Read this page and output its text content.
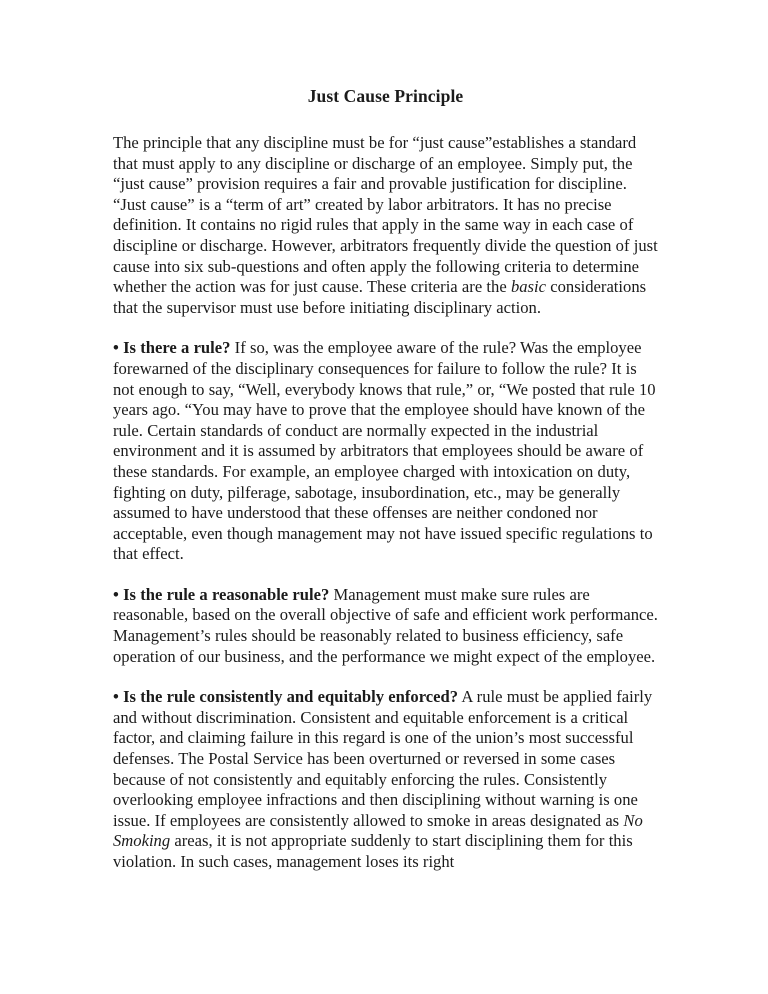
Just Cause Principle

The principle that any discipline must be for “just cause”establishes a standard that must apply to any discipline or discharge of an employee. Simply put, the “just cause” provision requires a fair and provable justification for discipline. “Just cause” is a “term of art” created by labor arbitrators. It has no precise definition. It contains no rigid rules that apply in the same way in each case of discipline or discharge. However, arbitrators frequently divide the question of just cause into six sub-questions and often apply the following criteria to determine whether the action was for just cause. These criteria are the basic considerations that the supervisor must use before initiating disciplinary action.

• Is there a rule? If so, was the employee aware of the rule? Was the employee forewarned of the disciplinary consequences for failure to follow the rule? It is not enough to say, “Well, everybody knows that rule,” or, “We posted that rule 10 years ago. “You may have to prove that the employee should have known of the rule. Certain standards of conduct are normally expected in the industrial environment and it is assumed by arbitrators that employees should be aware of these standards. For example, an employee charged with intoxication on duty, fighting on duty, pilferage, sabotage, insubordination, etc., may be generally assumed to have understood that these offenses are neither condoned nor acceptable, even though management may not have issued specific regulations to that effect.

• Is the rule a reasonable rule? Management must make sure rules are reasonable, based on the overall objective of safe and efficient work performance. Management’s rules should be reasonably related to business efficiency, safe operation of our business, and the performance we might expect of the employee.

• Is the rule consistently and equitably enforced? A rule must be applied fairly and without discrimination. Consistent and equitable enforcement is a critical factor, and claiming failure in this regard is one of the union’s most successful defenses. The Postal Service has been overturned or reversed in some cases because of not consistently and equitably enforcing the rules. Consistently overlooking employee infractions and then disciplining without warning is one issue. If employees are consistently allowed to smoke in areas designated as No Smoking areas, it is not appropriate suddenly to start disciplining them for this violation. In such cases, management loses its right
